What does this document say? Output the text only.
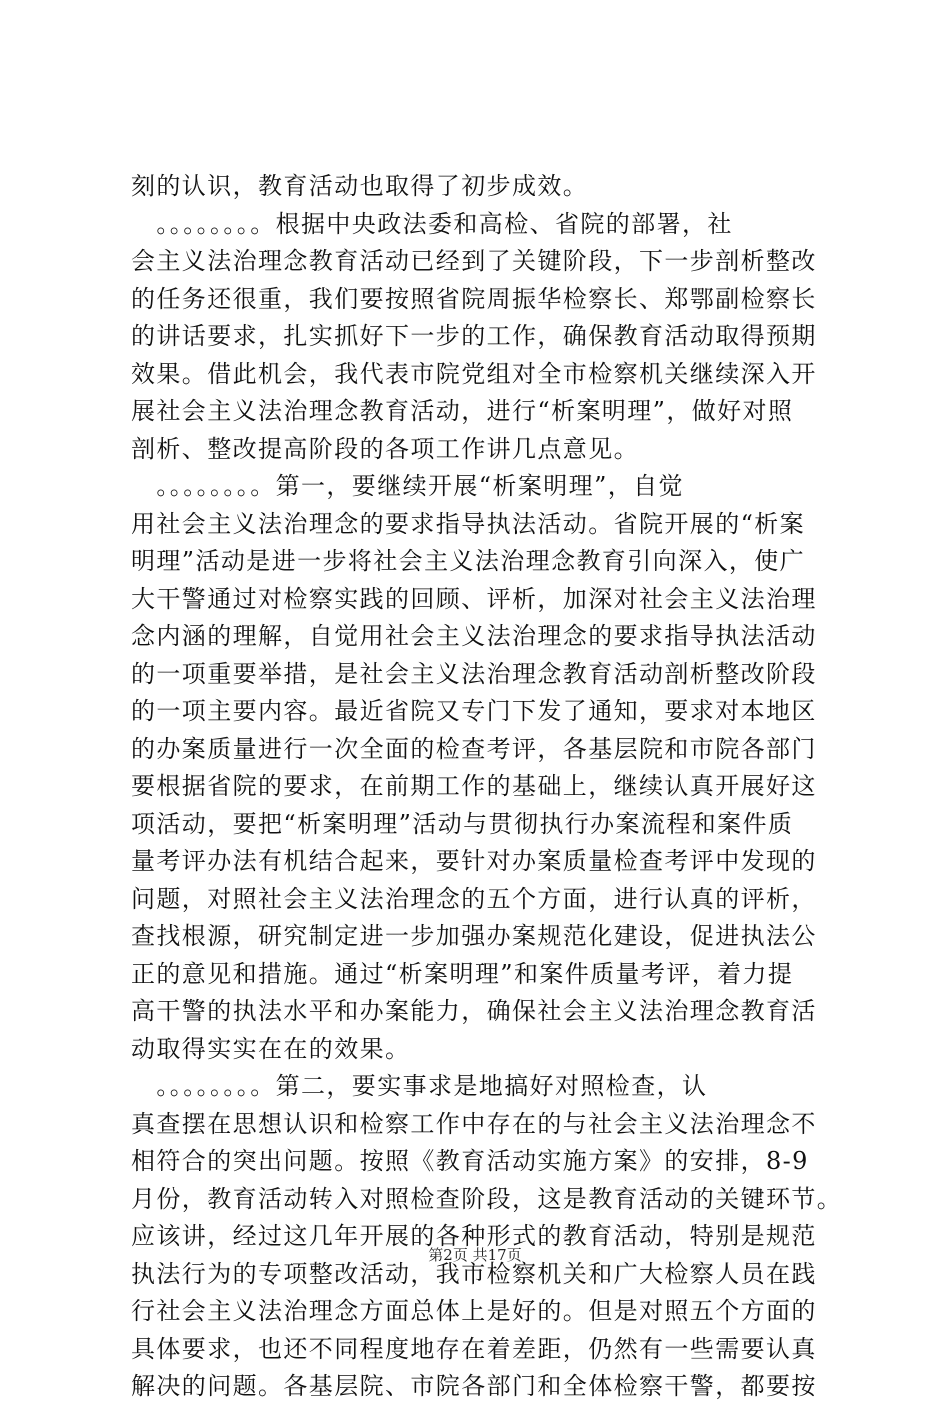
刻的认识，教育活动也取得了初步成效。
　。。。。。。。。根据中央政法委和高检、省院的部署，社
会主义法治理念教育活动已经到了关键阶段，下一步剖析整改
的任务还很重，我们要按照省院周振华检察长、郑鄂副检察长
的讲话要求，扎实抓好下一步的工作，确保教育活动取得预期
效果。借此机会，我代表市院党组对全市检察机关继续深入开
展社会主义法治理念教育活动，进行“析案明理”，做好对照
剖析、整改提高阶段的各项工作讲几点意见。
　。。。。。。。。第一，要继续开展“析案明理”，自觉
用社会主义法治理念的要求指导执法活动。省院开展的“析案
明理”活动是进一步将社会主义法治理念教育引向深入，使广
大干警通过对检察实践的回顾、评析，加深对社会主义法治理
念内涵的理解，自觉用社会主义法治理念的要求指导执法活动
的一项重要举措，是社会主义法治理念教育活动剖析整改阶段
的一项主要内容。最近省院又专门下发了通知，要求对本地区
的办案质量进行一次全面的检查考评，各基层院和市院各部门
要根据省院的要求，在前期工作的基础上，继续认真开展好这
项活动，要把“析案明理”活动与贯彻执行办案流程和案件质
量考评办法有机结合起来，要针对办案质量检查考评中发现的
问题，对照社会主义法治理念的五个方面，进行认真的评析，
查找根源，研究制定进一步加强办案规范化建设，促进执法公
正的意见和措施。通过“析案明理”和案件质量考评，着力提
高干警的执法水平和办案能力，确保社会主义法治理念教育活
动取得实实在在的效果。
　。。。。。。。。第二，要实事求是地搞好对照检查，认
真查摆在思想认识和检察工作中存在的与社会主义法治理念不
相符合的突出问题。按照《教育活动实施方案》的安排，8-9
月份，教育活动转入对照检查阶段，这是教育活动的关键环节。
应该讲，经过这几年开展的各种形式的教育活动，特别是规范
执法行为的专项整改活动，我市检察机关和广大检察人员在践
行社会主义法治理念方面总体上是好的。但是对照五个方面的
具体要求，也还不同程度地存在着差距，仍然有一些需要认真
解决的问题。各基层院、市院各部门和全体检察干警，都要按
第2页 共17页
